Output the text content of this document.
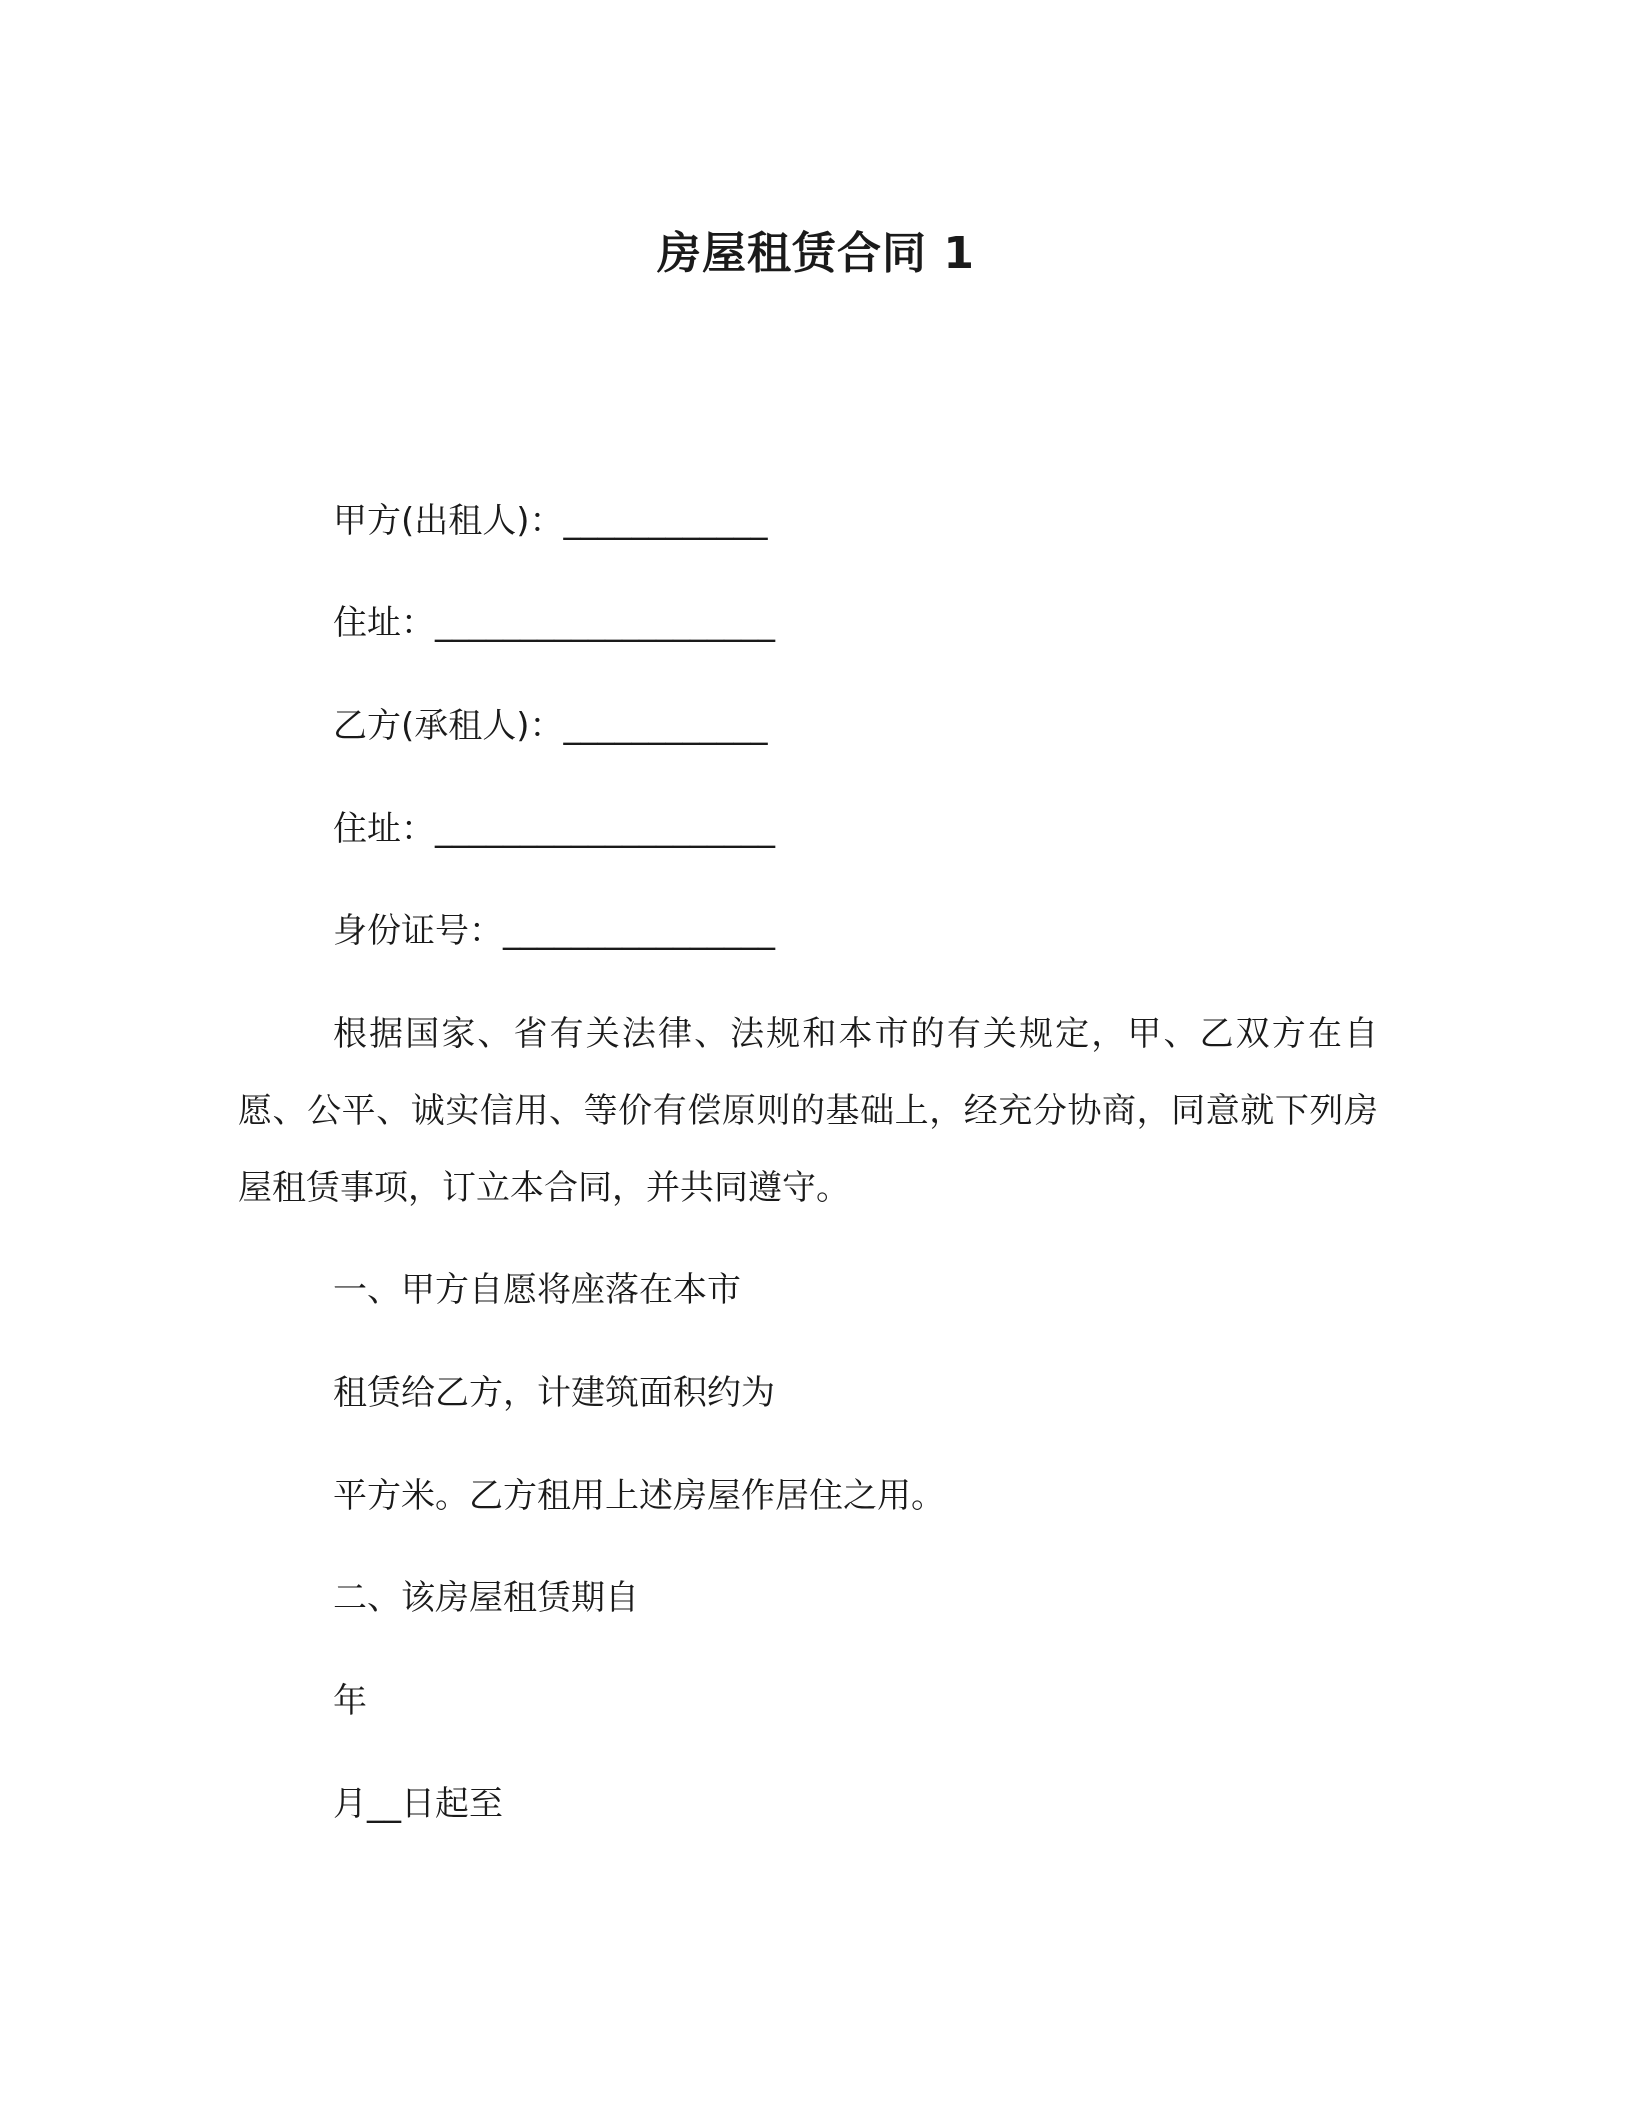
房屋租赁合同 1
甲方(出租人)：____________
住址：____________________
乙方(承租人)：____________
住址：____________________
身份证号：________________
根据国家、省有关法律、法规和本市的有关规定，甲、乙双方在自愿、公平、诚实信用、等价有偿原则的基础上，经充分协商，同意就下列房屋租赁事项，订立本合同，并共同遵守。
一、甲方自愿将座落在本市
租赁给乙方，计建筑面积约为
平方米。乙方租用上述房屋作居住之用。
二、该房屋租赁期自
年
月__日起至
